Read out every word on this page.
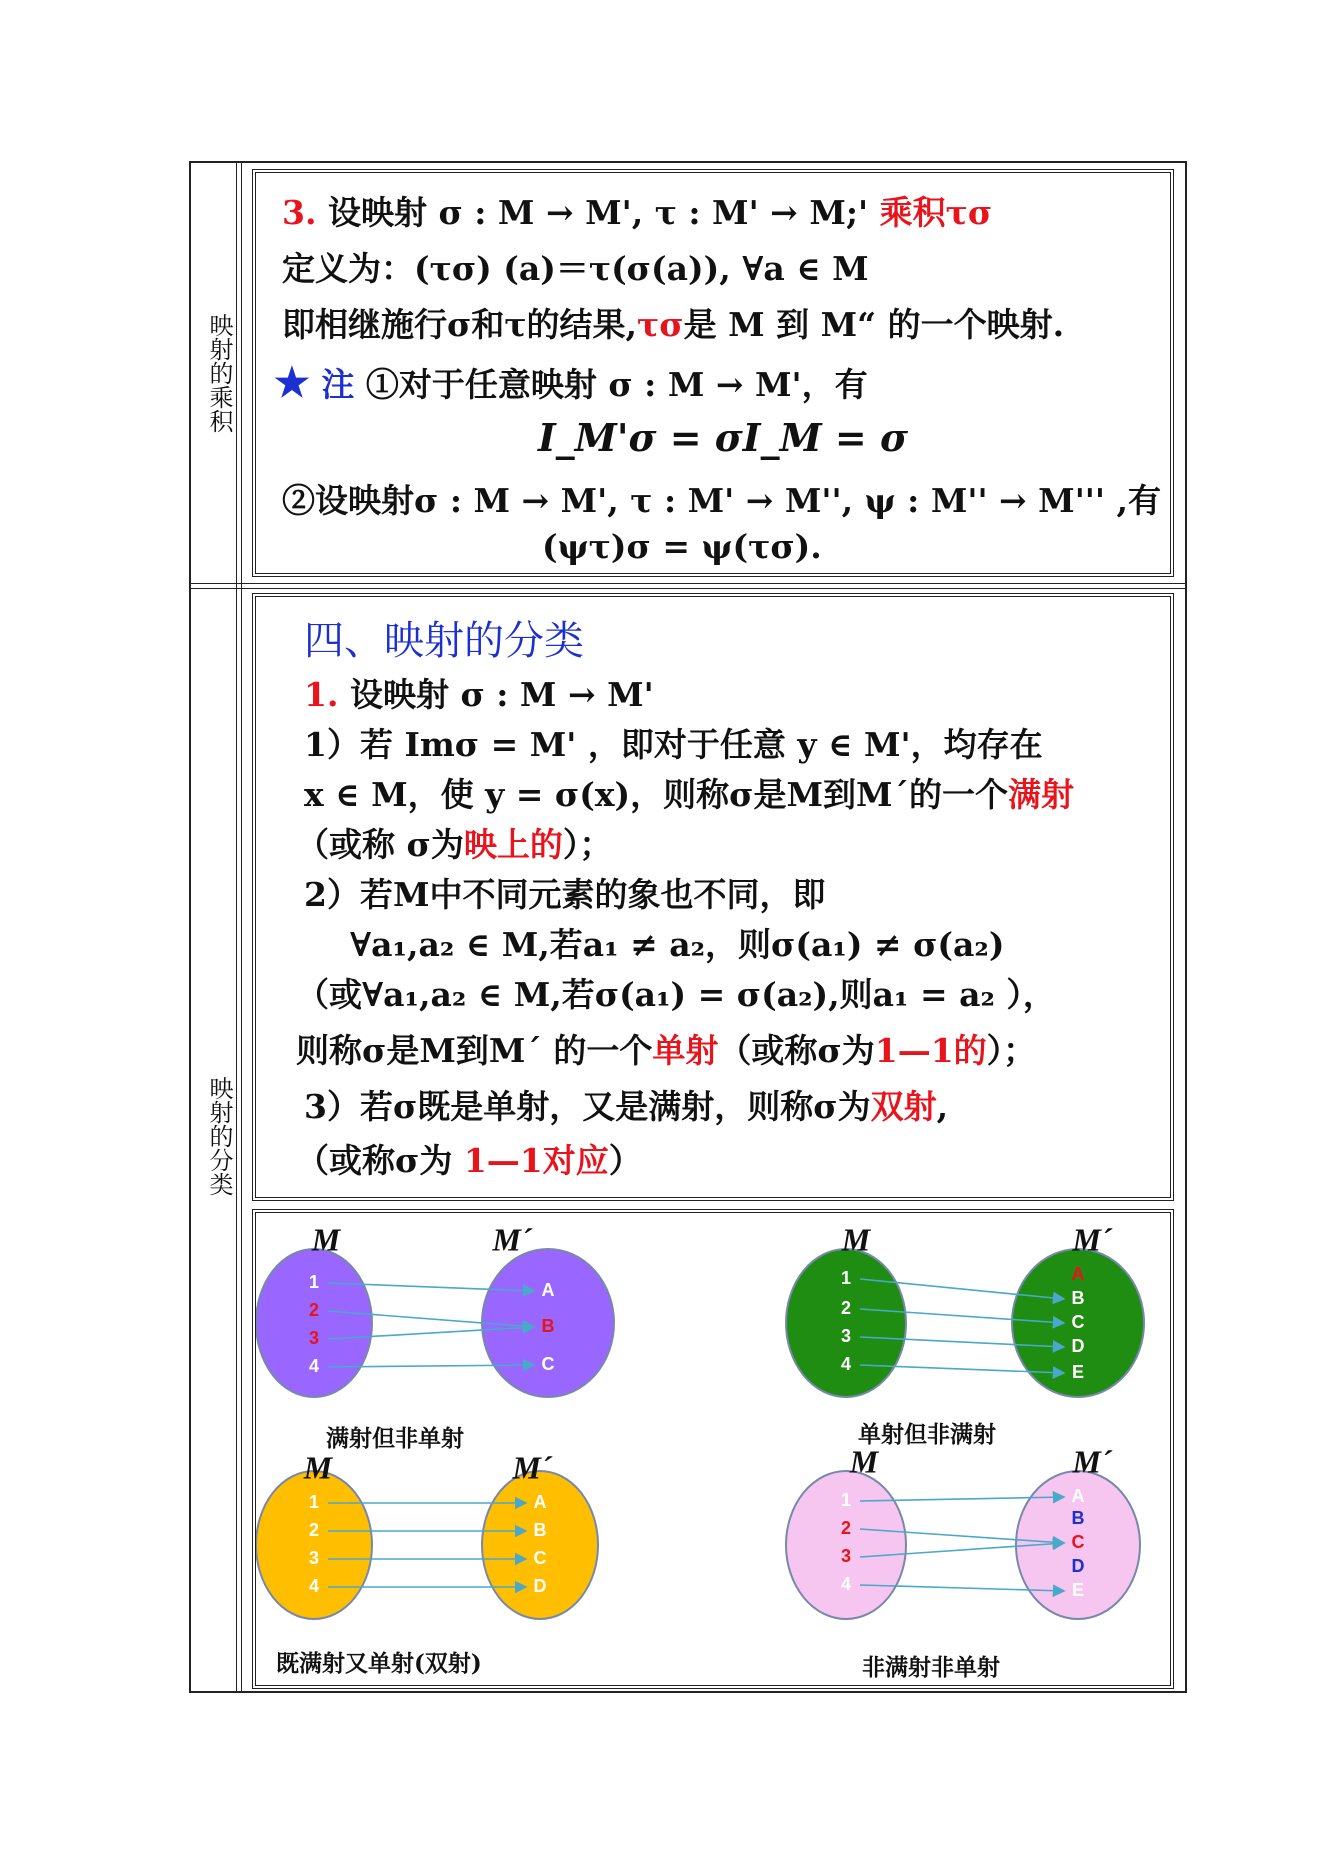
映射的乘积
映射的分类
3. 设映射 σ : M → M', τ : M' → M;' 乘积τσ
定义为：(τσ) (a)＝τ(σ(a)), ∀a ∈ M
即相继施行σ和τ的结果,τσ是 M 到 M“ 的一个映射.
★ 注 ①对于任意映射 σ : M → M'，有
I_M'σ = σI_M = σ
②设映射σ : M → M', τ : M' → M'', ψ : M'' → M''' ,有
(ψτ)σ = ψ(τσ).
四、映射的分类
1. 设映射 σ : M → M'
1）若 Imσ = M' ，即对于任意 y ∈ M'，均存在
x ∈ M，使 y = σ(x)，则称σ是M到M´的一个满射
（或称 σ为映上的）；
2）若M中不同元素的象也不同，即
∀a₁,a₂ ∈ M,若a₁ ≠ a₂，则σ(a₁) ≠ σ(a₂)
（或∀a₁,a₂ ∈ M,若σ(a₁) = σ(a₂),则a₁ = a₂ ），
则称σ是M到M´ 的一个单射（或称σ为1—1的）；
3）若σ既是单射，又是满射，则称σ为双射,
（或称σ为 1—1对应）
M	M´
1
2
3
4
A
B
C
M	M´
1
2
3
4
A
B
C
D
E
M	M´
1
2
3
4
A
B
C
D
M	M´
1
2
3
4
A
B
C
D
E
满射但非单射	单射但非满射
既满射又单射(双射)	非满射非单射
